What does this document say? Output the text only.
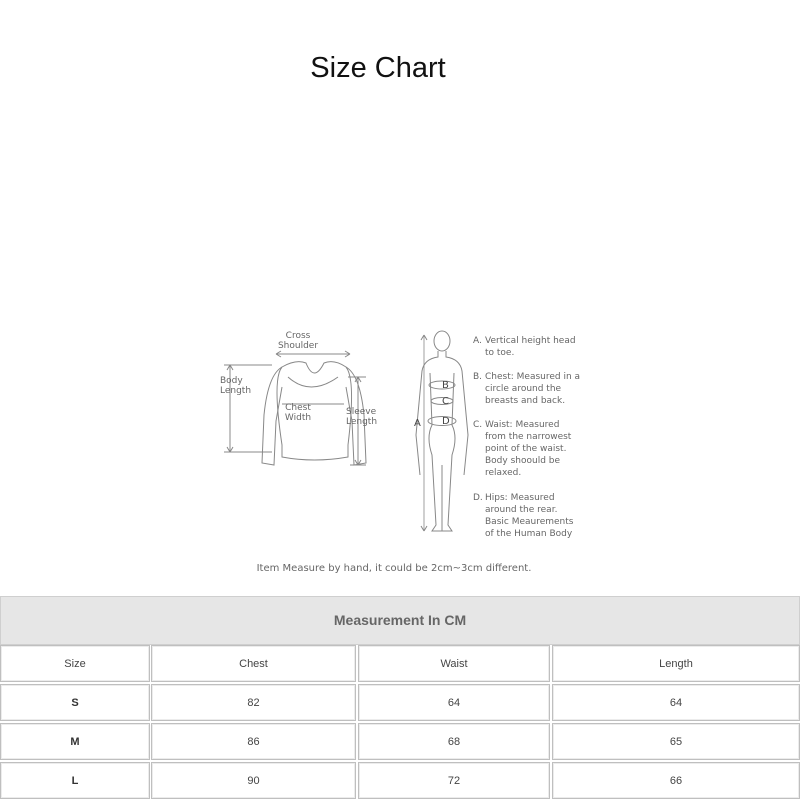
Size Chart
Cross
Shoulder
Body
Length
Chest
Width
Sleeve
Length	A
B
C
D
A. Vertical height head
to toe.
B. Chest: Measured in a
circle around the
breasts and back.
C. Waist: Measured
from the narrowest
point of the waist.
Body shoould be
relaxed.
D. Hips: Measured
around the rear.
Basic Meaurements
of the Human Body
Item Measure by hand, it could be 2cm~3cm different.
Measurement In CM
Size	Chest	Waist	Length
S	82	64	64
M	86	68	65
L	90	72	66
